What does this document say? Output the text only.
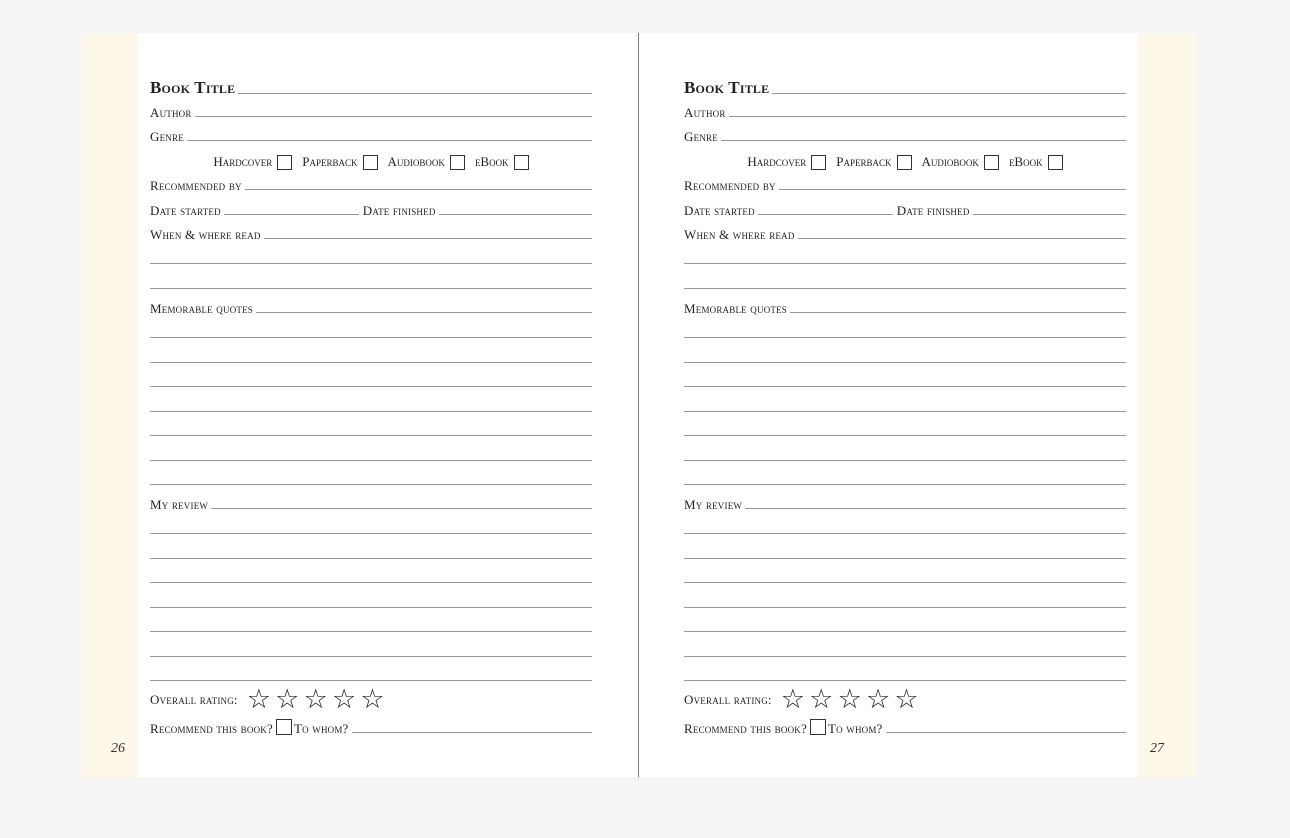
26	27
Book Title
Author
Genre
Hardcover Paperback Audiobook eBook
Recommended by
Date started	Date finished
When & where read
Memorable quotes
My review
Overall rating: ☆ ☆ ☆ ☆ ☆
Recommend this book? To whom?
Book Title
Author
Genre
Hardcover Paperback Audiobook eBook
Recommended by
Date started	Date finished
When & where read
Memorable quotes
My review
Overall rating: ☆ ☆ ☆ ☆ ☆
Recommend this book? To whom?
